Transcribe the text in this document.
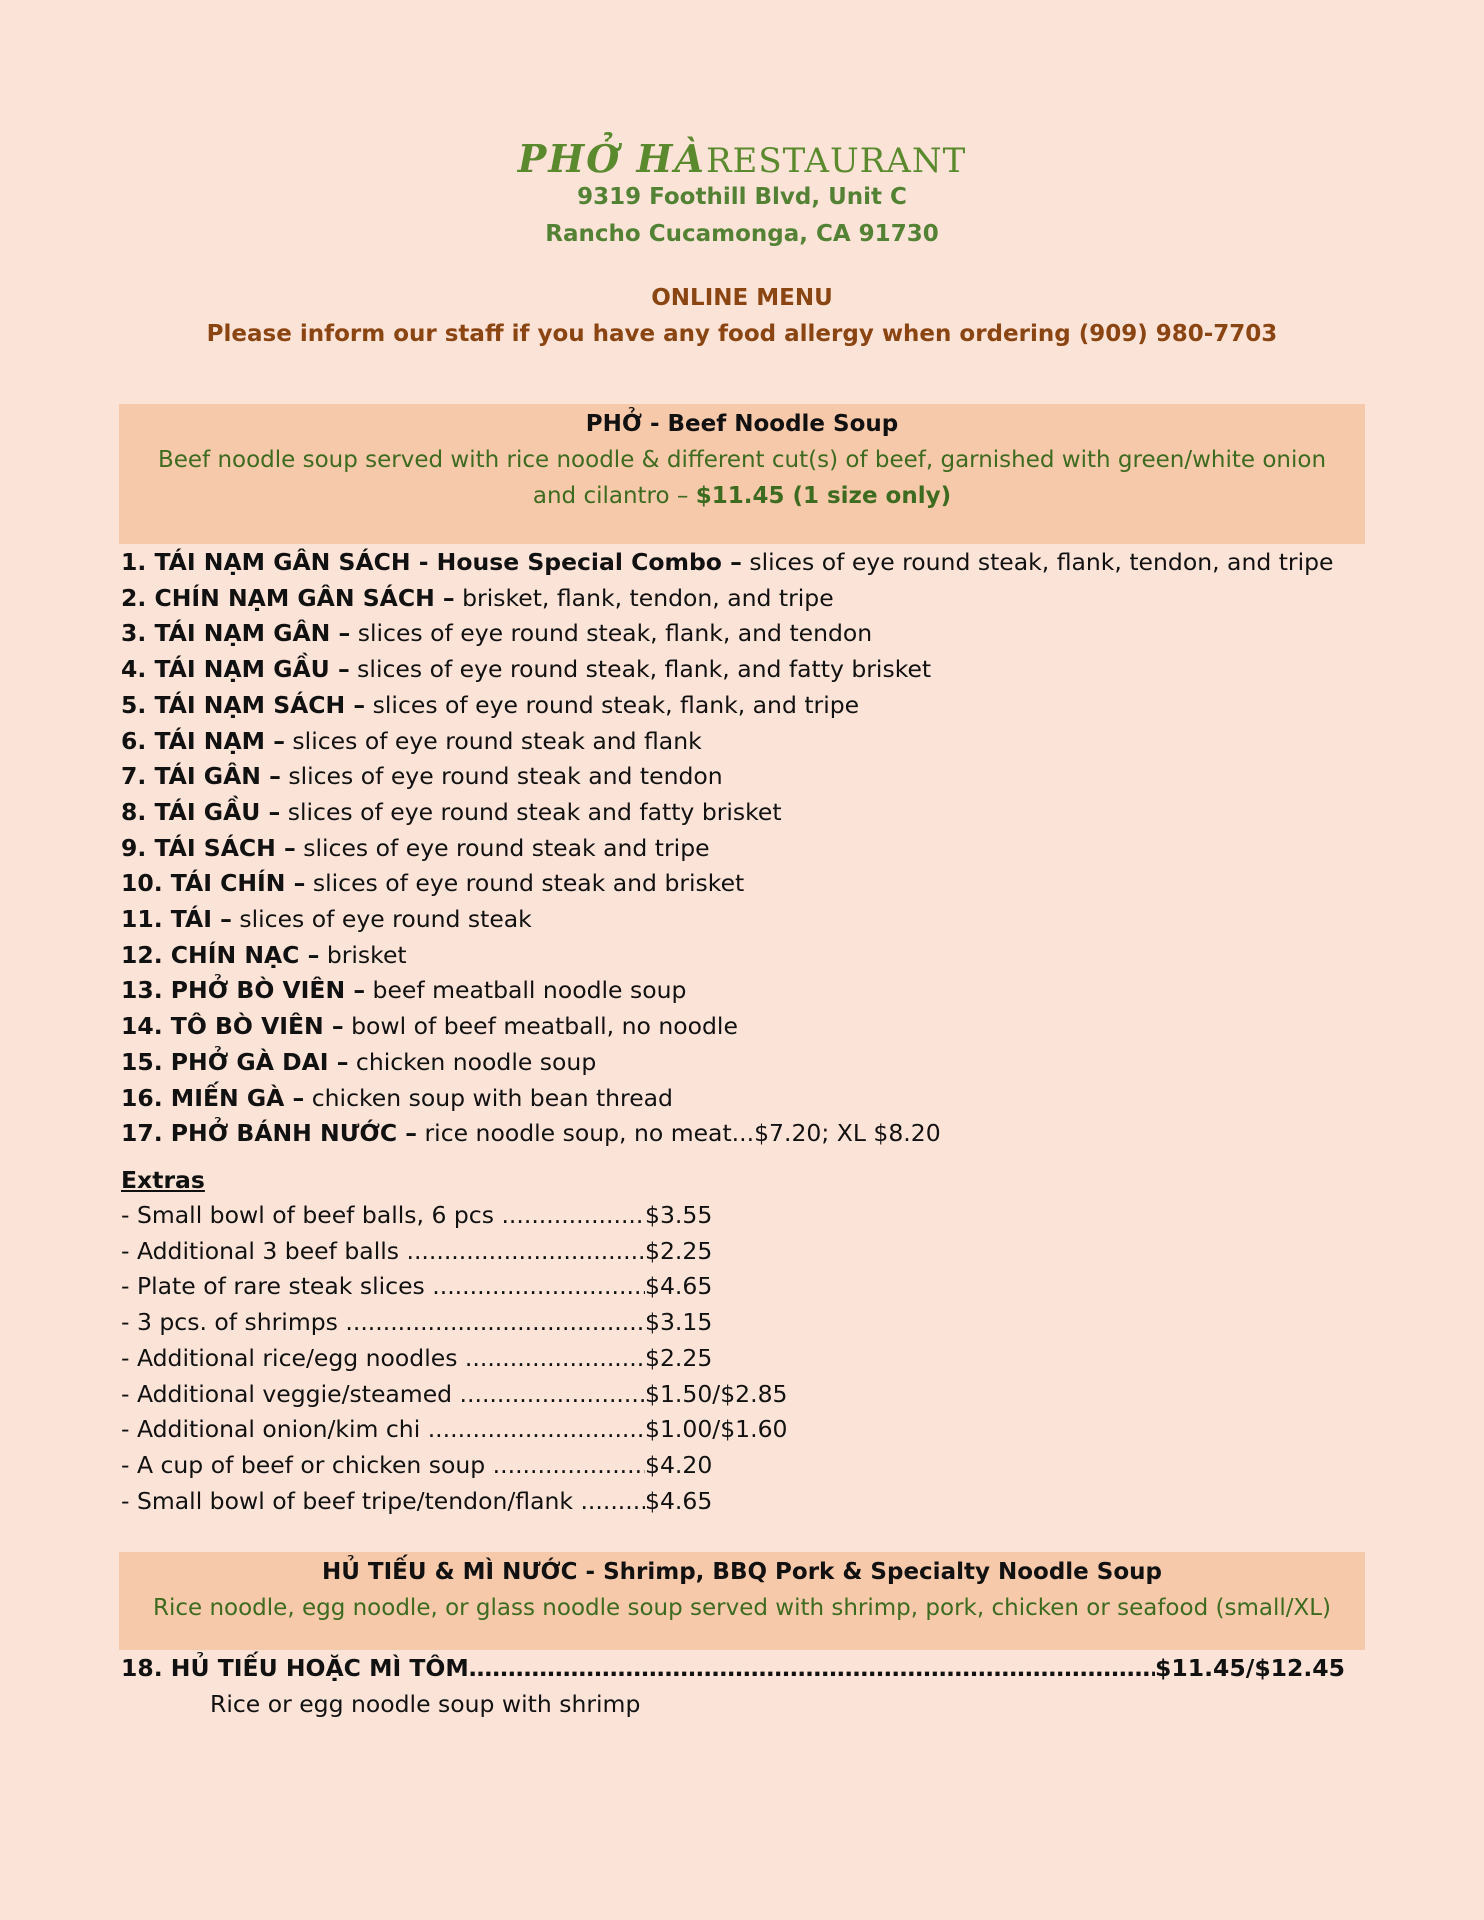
PHỞ HÀRESTAURANT
9319 Foothill Blvd, Unit C
Rancho Cucamonga, CA 91730
ONLINE MENU
Please inform our staff if you have any food allergy when ordering (909) 980-7703
PHỞ - Beef Noodle Soup
Beef noodle soup served with rice noodle & different cut(s) of beef, garnished with green/white onion
and cilantro – $11.45 (1 size only)
1. TÁI NẠM GÂN SÁCH - House Special Combo – slices of eye round steak, flank, tendon, and tripe
2. CHÍN NẠM GÂN SÁCH – brisket, flank, tendon, and tripe
3. TÁI NẠM GÂN – slices of eye round steak, flank, and tendon
4. TÁI NẠM GẦU – slices of eye round steak, flank, and fatty brisket
5. TÁI NẠM SÁCH – slices of eye round steak, flank, and tripe
6. TÁI NẠM – slices of eye round steak and flank
7. TÁI GÂN – slices of eye round steak and tendon
8. TÁI GẦU – slices of eye round steak and fatty brisket
9. TÁI SÁCH – slices of eye round steak and tripe
10. TÁI CHÍN – slices of eye round steak and brisket
11. TÁI – slices of eye round steak
12. CHÍN NẠC – brisket
13. PHỞ BÒ VIÊN – beef meatball noodle soup
14. TÔ BÒ VIÊN – bowl of beef meatball, no noodle
15. PHỞ GÀ DAI – chicken noodle soup
16. MIẾN GÀ – chicken soup with bean thread
17. PHỞ BÁNH NƯỚC – rice noodle soup, no meat...$7.20; XL $8.20
Extras
- Small bowl of beef balls, 6 pcs .....	$3.55
- Additional 3 beef balls .....	$2.25
- Plate of rare steak slices .....	$4.65
- 3 pcs. of shrimps .....	$3.15
- Additional rice/egg noodles .....	$2.25
- Additional veggie/steamed .....	$1.50/$2.85
- Additional onion/kim chi .....	$1.00/$1.60
- A cup of beef or chicken soup .....	$4.20
- Small bowl of beef tripe/tendon/flank .....	$4.65
HỦ TIẾU & MÌ NƯỚC - Shrimp, BBQ Pork & Specialty Noodle Soup
Rice noodle, egg noodle, or glass noodle soup served with shrimp, pork, chicken or seafood (small/XL)
18. HỦ TIẾU HOẶC MÌ TÔM
……………………………………………………………………………………………………………………………………………………………	$11.45/$12.45
Rice or egg noodle soup with shrimp
